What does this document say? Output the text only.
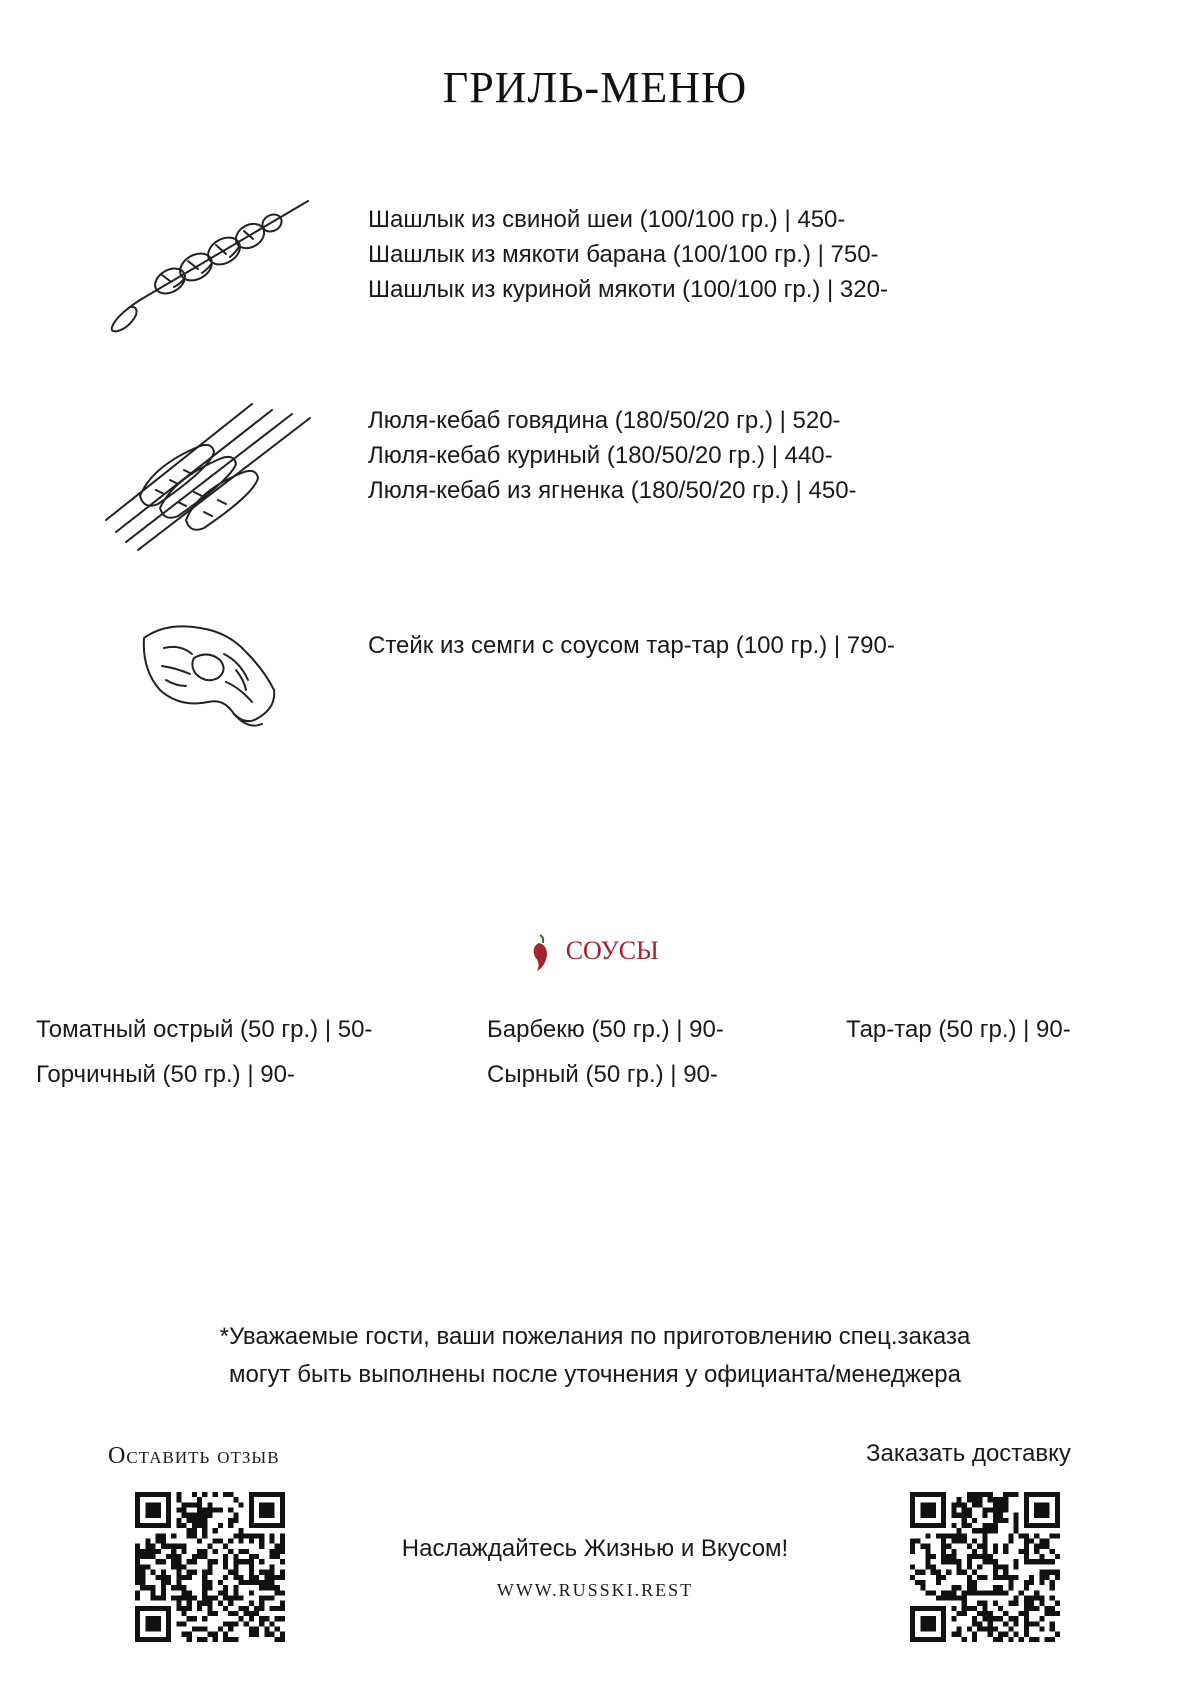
ГРИЛЬ-МЕНЮ
Шашлык из свиной шеи (100/100 гр.) | 450-
Шашлык из мякоти барана (100/100 гр.) | 750-
Шашлык из куриной мякоти (100/100 гр.) | 320-
Люля-кебаб говядина (180/50/20 гр.) | 520-
Люля-кебаб куриный (180/50/20 гр.) | 440-
Люля-кебаб из ягненка (180/50/20 гр.) | 450-
Стейк из семги с соусом тар-тар (100 гр.) | 790-
СОУСЫ
Томатный острый (50 гр.) | 50-
Горчичный (50 гр.) | 90-
Барбекю (50 гр.) | 90-
Сырный (50 гр.) | 90-
Тар-тар (50 гр.) | 90-
*Уважаемые гости, ваши пожелания по приготовлению спец.заказа
могут быть выполнены после уточнения у официанта/менеджера
Оставить отзыв	Заказать доставку
Наслаждайтесь Жизнью и Вкусом!
WWW.RUSSKI.REST
